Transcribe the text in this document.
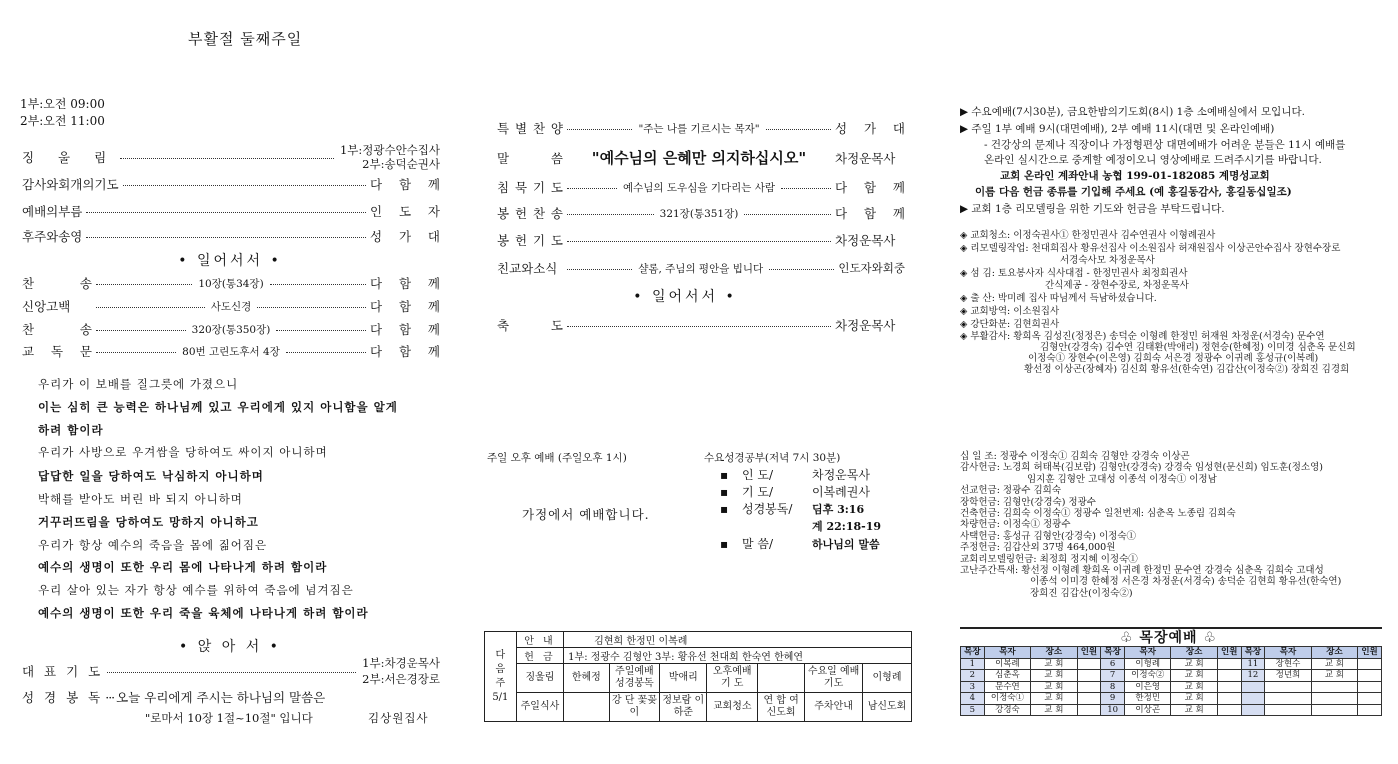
부활절 둘째주일
1부:오전 09:00
2부:오전 11:00
징 울 림	1부:정광수안수집사
2부:송덕순권사
감사와회개의기도	다 함 께
예배의부름	인 도 자
후주와송영	성 가 대
• 일어서서 •
찬 송	10장(통34장)	다 함 께
신앙고백	사도신경	다 함 께
찬 송	320장(통350장)	다 함 께
교 독 문	80번 고린도후서 4장	다 함 께
우리가 이 보배를 질그릇에 가졌으니
이는 심히 큰 능력은 하나님께 있고 우리에게 있지 아니함을 알게
하려 함이라
우리가 사방으로 우겨쌈을 당하여도 싸이지 아니하며
답답한 일을 당하여도 낙심하지 아니하며
박해를 받아도 버린 바 되지 아니하며
거꾸러뜨림을 당하여도 망하지 아니하고
우리가 항상 예수의 죽음을 몸에 짊어짐은
예수의 생명이 또한 우리 몸에 나타나게 하려 함이라
우리 살아 있는 자가 항상 예수를 위하여 죽음에 넘겨짐은
예수의 생명이 또한 우리 죽을 육체에 나타나게 하려 함이라
• 앉 아 서 •
대 표 기 도
1부:차경운목사
2부:서은경장로
성 경 봉 독 ··· 오늘 우리에게 주시는 하나님의 말씀은
"로마서 10장 1절~10절" 입니다	김상원집사
특 별 찬 양	"주는 나를 기르시는 목자"	성 가 대
말 씀	"예수님의 은혜만 의지하십시오"	차정운목사
침 묵 기 도	예수님의 도우심을 기다리는 사람	다 함 께
봉 헌 찬 송	321장(통351장)	다 함 께
봉 헌 기 도	차정운목사
친교와소식	샬롬, 주님의 평안을 빕니다	인도자와회중
• 일어서서 •
축 도	차정운목사
주일 오후 예배 (주일오후 1시)
가정에서 예배합니다.
수요성경공부(저녁 7시 30분)
▪ 인 도/	차정운목사
▪ 기 도/	이복례권사
▪ 성경봉독/ 딤후 3:16
계 22:18-19
▪ 말 씀/	하나님의 말씀
다
음
주
5/1	안 내	김현희 한정민 이복례						
	헌 금	1부: 정광수 김형안 3부: 황유선 천대희 한숙연 한혜연						
	징울림	한혜정	주일예배 성경봉독	박애리	오후예배 기 도		수요일 예배기도	이형례
	주일식사		강 단 꽃꽂이	정보람 이하준	교회청소	연 합 여신도회	주차안내	남신도회
▶ 수요예배(7시30분), 금요한밤의기도회(8시) 1층 소예배실에서 모입니다.
▶ 주일 1부 예배 9시(대면예배), 2부 예배 11시(대면 및 온라인예배)
- 건강상의 문제나 직장이나 가정형편상 대면예배가 어려운 분들은 11시 예배를
온라인 실시간으로 중계할 예정이오니 영상예배로 드려주시기를 바랍니다.
교회 온라인 계좌안내 농협 199-01-182085 계명성교회
이름 다음 헌금 종류를 기입해 주세요 (예 홍길동감사, 홍길동십일조)
▶ 교회 1층 리모델링을 위한 기도와 헌금을 부탁드립니다.
◈ 교회청소: 이정숙권사① 한정민권사 김수연권사 이형례권사
◈ 리모델링작업: 천대희집사 황유선집사 이소원집사 허재원집사 이상곤안수집사 장현수장로
서경숙사모 차정운목사
◈ 섬 김: 토요봉사자 식사대접 - 한정민권사 최정희권사
간식제공 - 장현수장로, 차정운목사
◈ 출 산: 박미례 집사 따님께서 득남하셨습니다.
◈ 교회방역: 이소원집사
◈ 강단화분: 김현희권사
◈ 부활감사: 황희옥 김성진(정정은) 송덕순 이형례 한정민 허재원 차정운(서경숙) 문수연
김형안(강경숙) 김수연 김태환(박애리) 정현승(한혜정) 이미경 심춘옥 문신희
이정숙① 장현수(이은영) 김희숙 서은경 정광수 이귀례 홍성규(이복례)
황선정 이상곤(장혜자) 김신희 황유선(한숙연) 김갑산(이정숙②) 장희진 김경희
십 일 조: 정광수 이정숙① 김희숙 김형안 강경숙 이상곤
감사헌금: 노경희 허태복(김보람) 김형안(강경숙) 강경숙 임성현(문신희) 임도훈(정소영)
임지훈 김형안 고대성 이종석 이정숙① 이정남
선교헌금: 정광수 김희숙
장학헌금: 김형안(강경숙) 정광수
건축헌금: 김희숙 이정숙① 정광수 일천번제: 심춘옥 노종림 김희숙
차량헌금: 이정숙① 정광수
사택헌금: 홍성규 김형안(강경숙) 이정숙①
주정헌금: 김갑산외 37명 464,000원
교회리모델링헌금: 최정희 정지혜 이정숙①
고난주간특새: 황선정 이형례 황희옥 이귀례 한정민 문수연 강경숙 심춘옥 김희숙 고대성
이종석 이미경 한혜정 서은경 차정운(서경숙) 송덕순 김현희 황유선(한숙연)
장희진 김갑산(이정숙②)
♧ 목장예배 ♧
목장	목자	장소	인원	목장	목자	장소	인원	목장	목자	장소	인원
1	이복례	교 회		6	이형례	교 회		11	장현수	교 회	
2	심춘옥	교 회		7	이정숙②	교 회		12	정년희	교 회	
3	문수연	교 회		8	이은영	교 회					
4	이정숙①	교 회		9	한정민	교 회					
5	강경숙	교 회		10	이상곤	교 회					
